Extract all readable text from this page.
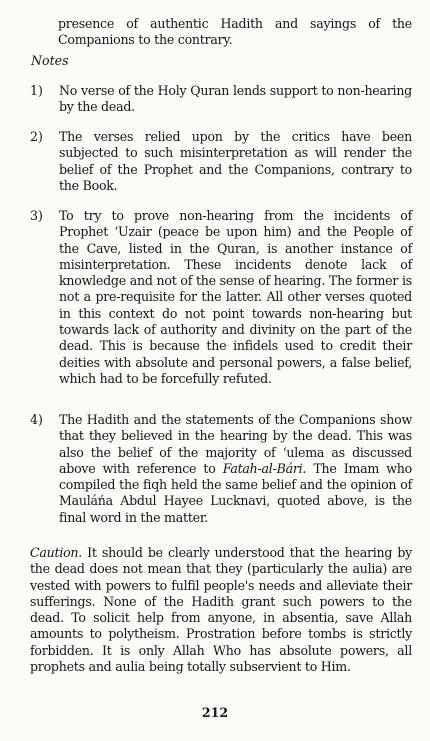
presence of authentic Hadith and sayings of the Companions to the contrary.

Notes

1) No verse of the Holy Quran lends support to non-hearing by the dead.

2) The verses relied upon by the critics have been subjected to such misinterpretation as will render the belief of the Prophet and the Companions, contrary to the Book.

3) To try to prove non-hearing from the incidents of Prophet ‘Uzair (peace be upon him) and the People of the Cave, listed in the Quran, is another instance of misinterpretation. These incidents denote lack of knowledge and not of the sense of hearing. The former is not a pre-requisite for the latter. All other verses quoted in this context do not point towards non-hearing but towards lack of authority and divinity on the part of the dead. This is because the infidels used to credit their deities with absolute and personal powers, a false belief, which had to be forcefully refuted.

4) The Hadith and the statements of the Companions show that they believed in the hearing by the dead. This was also the belief of the majority of ‘ulema as discussed above with reference to Fatah-al-Bári. The Imam who compiled the fiqh held the same belief and the opinion of Mauláńa Abdul Hayee Lucknavi, quoted above, is the final word in the matter.

Caution. It should be clearly understood that the hearing by the dead does not mean that they (particularly the aulia) are vested with powers to fulfil people's needs and alleviate their sufferings. None of the Hadith grant such powers to the dead. To solicit help from anyone, in absentia, save Allah amounts to polytheism. Prostration before tombs is strictly forbidden. It is only Allah Who has absolute powers, all prophets and aulia being totally subservient to Him.

212
